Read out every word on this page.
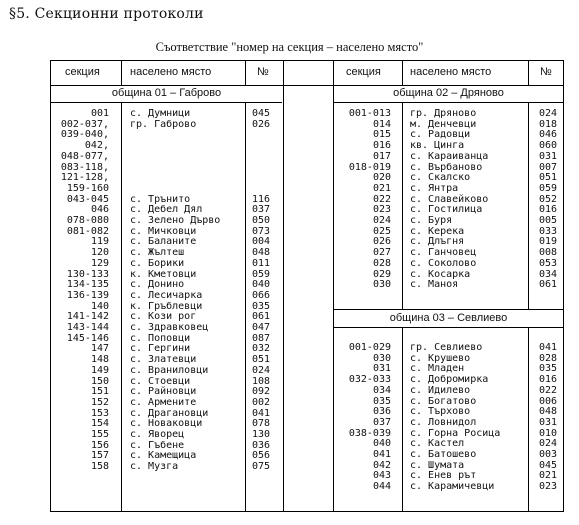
§5. Секционни протоколи
Съответствие "номер на секция – населено място"
секция	населено място	№
община 01 – Габрово
001 с. Думници	045
002-037, гр. Габрово	026
039-040,
042,
048-077,
083-118,
121-128,
159-160
043-045 с. Трънито	116
046 с. Дебел Дял	037
078-080 с. Зелено Дърво	050
081-082 с. Мичковци	073
119 с. Баланите	004
120 с. Жълтеш	048
129 с. Борики	011
130-133 к. Кметовци	059
134-135 с. Донино	040
136-139 с. Лесичарка	066
140 к. Гръблевци	035
141-142 с. Кози рог	061
143-144 с. Здравковец	047
145-146 с. Поповци	087
147 с. Гергини	032
148 с. Златевци	051
149 с. Враниловци	024
150 с. Стоевци	108
151 с. Райновци	092
152 с. Армените	002
153 с. Драгановци	041
154 с. Новаковци	078
155 с. Яворец	130
156 с. Гъбене	036
157 с. Камещица	056
158 с. Музга	075
секция	населено място	№
община 02 – Дряново
001-013 гр. Дряново	024
014 м. Денчевци	018
015 с. Радовци	046
016 кв. Цинга	060
017 с. Караиванца	031
018-019 с. Върбаново	007
020 с. Скалско	051
021 с. Янтра	059
022 с. Славейково	052
023 с. Гостилица	016
024 с. Буря	005
025 с. Керека	033
026 с. Длъгня	019
027 с. Ганчовец	008
028 с. Соколово	053
029 с. Косарка	034
030 с. Маноя	061
община 03 – Севлиево
001-029 гр. Севлиево	041
030 с. Крушево	028
031 с. Младен	035
032-033 с. Добромирка	016
034 с. Идилево	022
035 с. Богатово	006
036 с. Търхово	048
037 с. Ловнидол	031
038-039 с. Горна Росица	010
040 с. Кастел	024
041 с. Батошево	003
042 с. Шумата	045
043 с. Енев рът	021
044 с. Карамичевци	023
